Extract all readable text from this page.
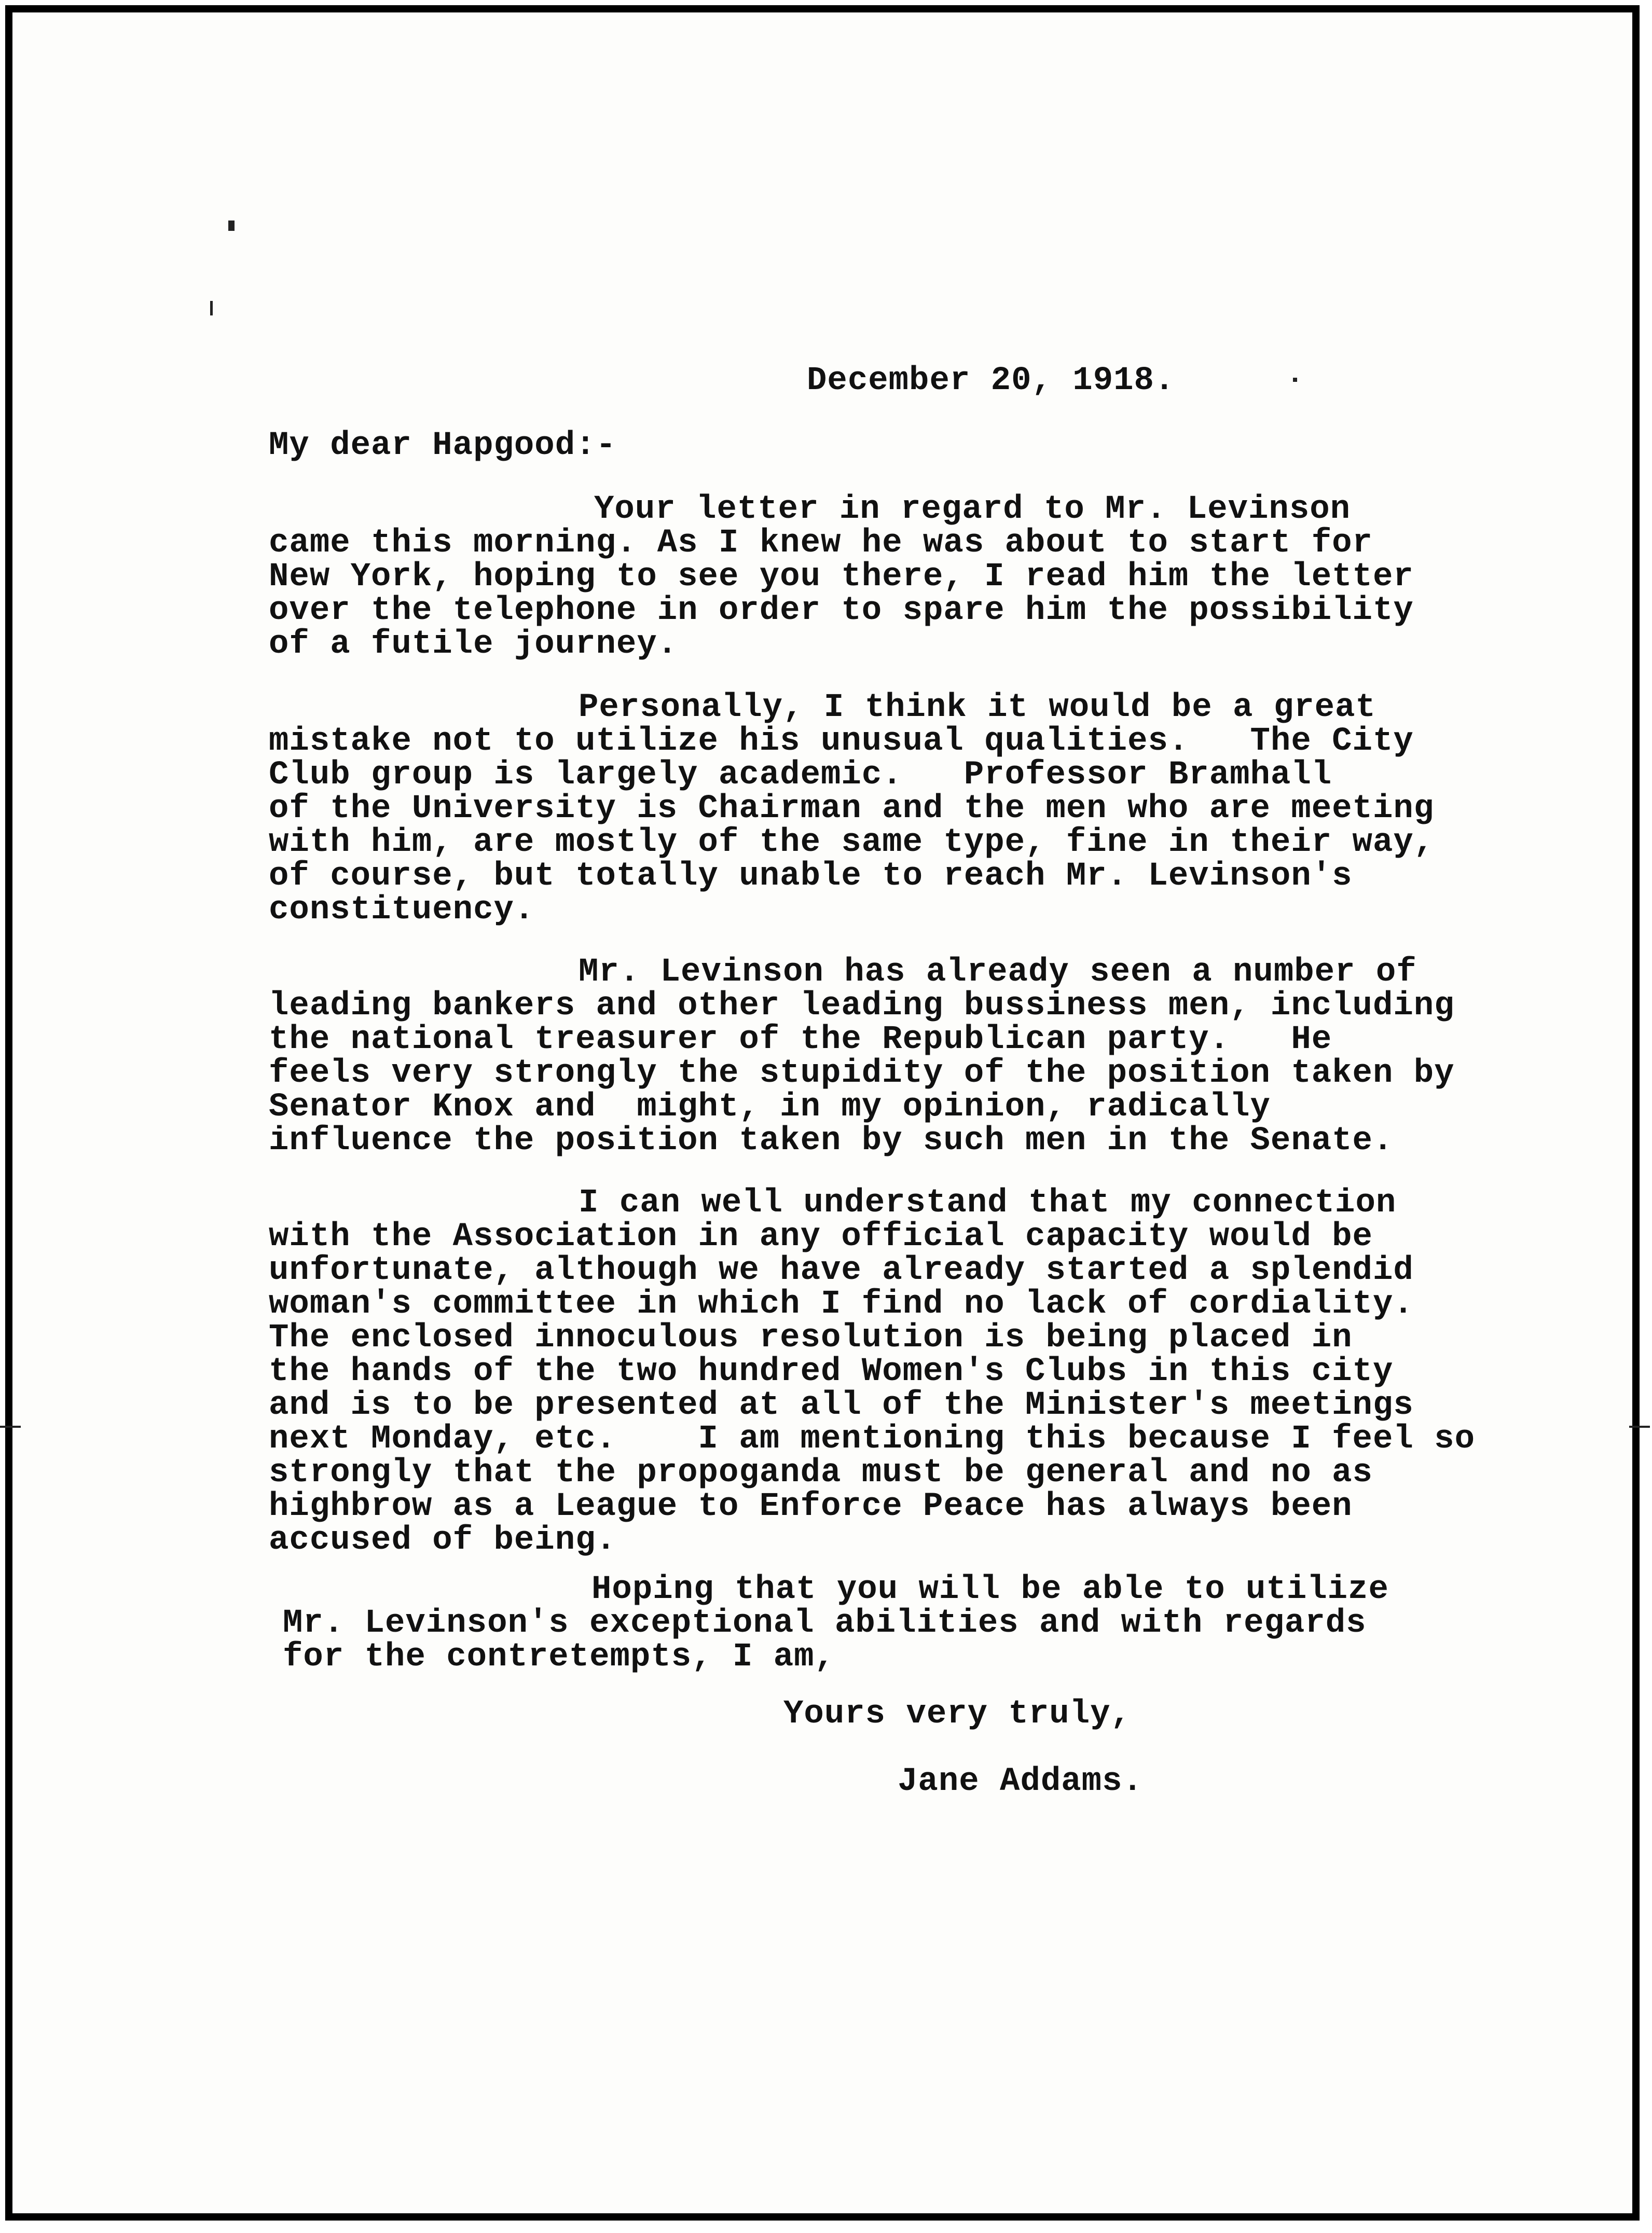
December 20, 1918.
My dear Hapgood:-
Your letter in regard to Mr. Levinson
came this morning. As I knew he was about to start for
New York, hoping to see you there, I read him the letter
over the telephone in order to spare him the possibility
of a futile journey.
Personally, I think it would be a great
mistake not to utilize his unusual qualities.   The City
Club group is largely academic.   Professor Bramhall
of the University is Chairman and the men who are meeting
with him, are mostly of the same type, fine in their way,
of course, but totally unable to reach Mr. Levinson's
constituency.
Mr. Levinson has already seen a number of
leading bankers and other leading bussiness men, including
the national treasurer of the Republican party.   He
feels very strongly the stupidity of the position taken by
Senator Knox and  might, in my opinion, radically
influence the position taken by such men in the Senate.
I can well understand that my connection
with the Association in any official capacity would be
unfortunate, although we have already started a splendid
woman's committee in which I find no lack of cordiality.
The enclosed innoculous resolution is being placed in
the hands of the two hundred Women's Clubs in this city
and is to be presented at all of the Minister's meetings
next Monday, etc.    I am mentioning this because I feel so
strongly that the propoganda must be general and no as
highbrow as a League to Enforce Peace has always been
accused of being.
Hoping that you will be able to utilize
Mr. Levinson's exceptional abilities and with regards
for the contretempts, I am,
Yours very truly,
Jane Addams.
